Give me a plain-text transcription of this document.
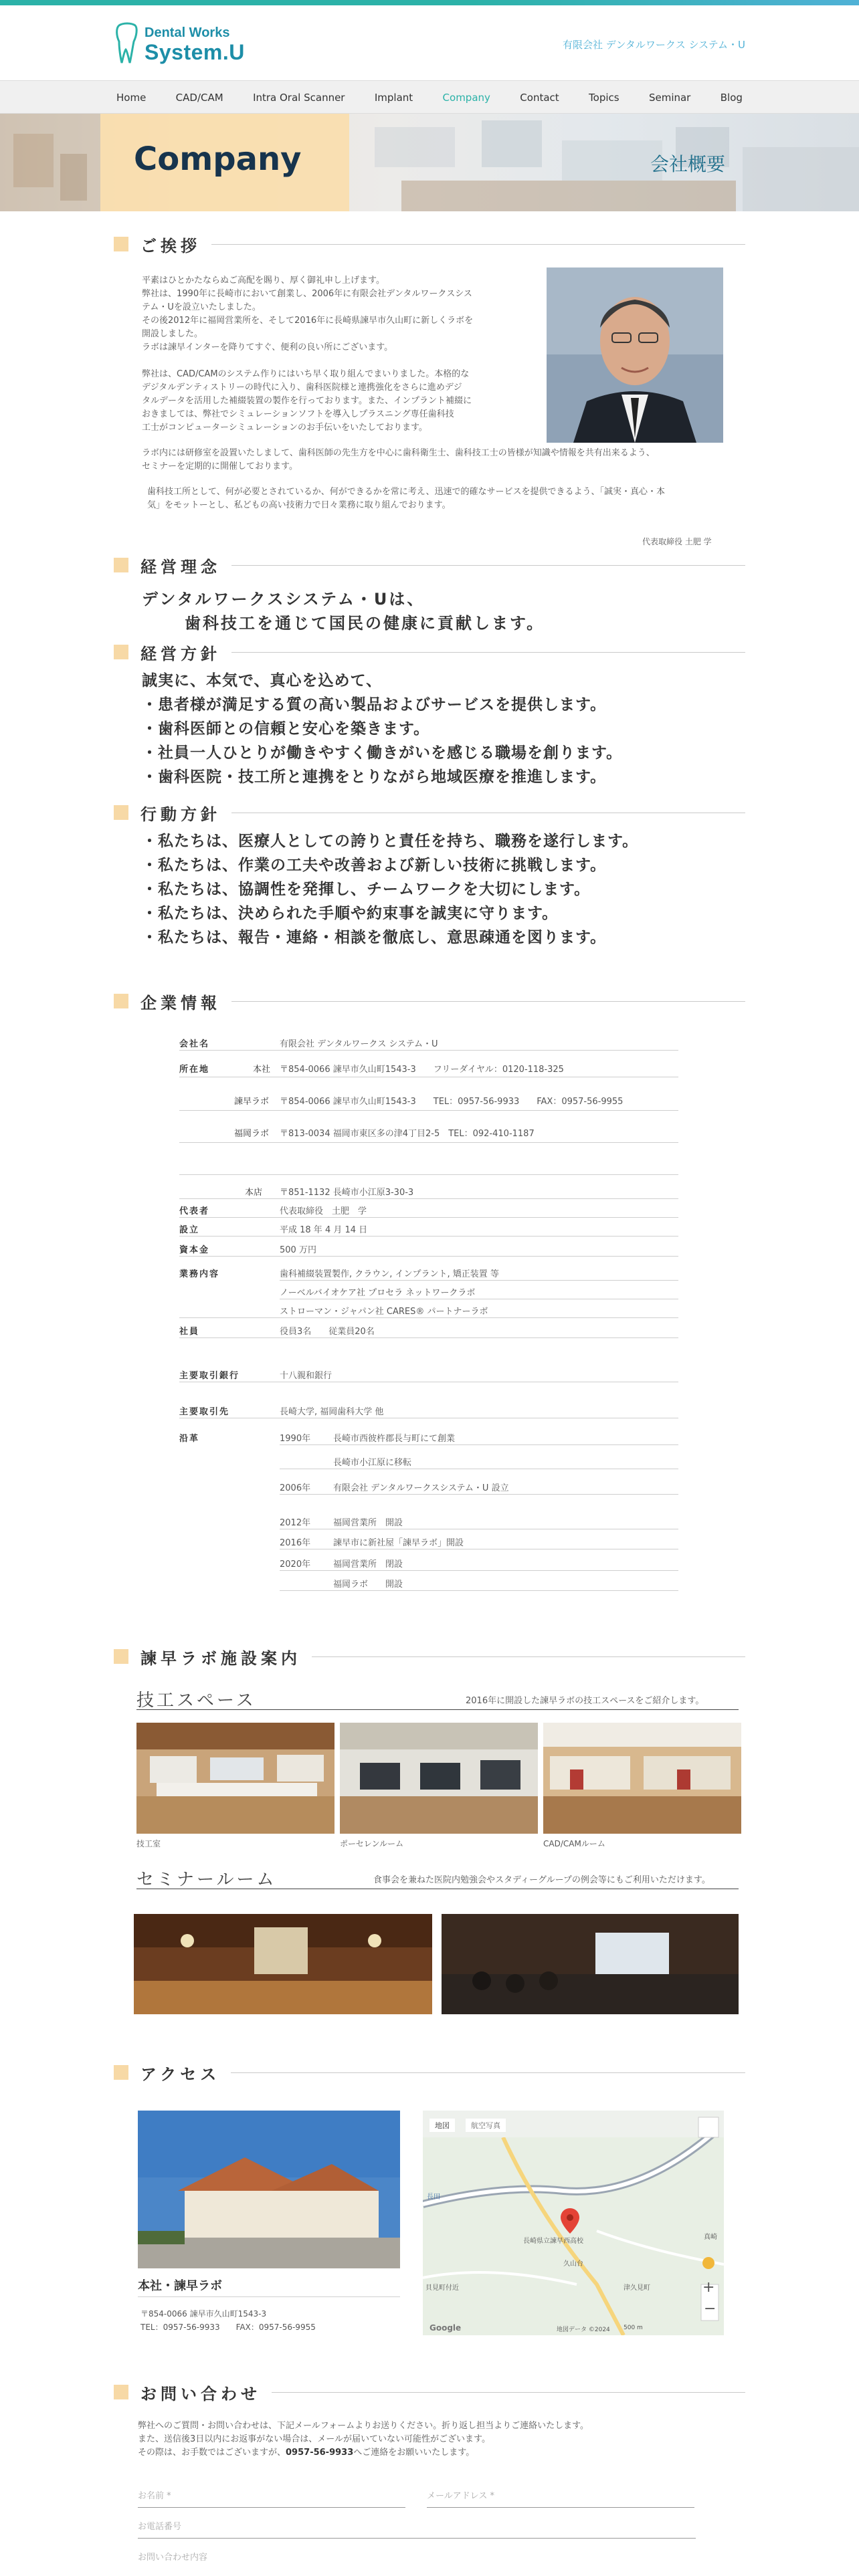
Dental Works
System.U	有限会社 デンタルワークス システム・U
Home	CAD/CAM	Intra Oral Scanner	Implant	Company	Contact	Topics	Seminar	Blog
Company	会社概要
ご挨拶
平素はひとかたならぬご高配を賜り、厚く御礼申し上げます。
弊社は、1990年に長崎市において創業し、2006年に有限会社デンタルワークスシス
テム・Uを設立いたしました。
その後2012年に福岡営業所を、そして2016年に長崎県諫早市久山町に新しくラボを
開設しました。
ラボは諫早インターを降りてすぐ、便利の良い所にございます。
弊社は、CAD/CAMのシステム作りにはいち早く取り組んでまいりました。本格的な
デジタルデンティストリーの時代に入り、歯科医院様と連携強化をさらに進めデジ
タルデータを活用した補綴装置の製作を行っております。また、インプラント補綴に
おきましては、弊社でシミュレーションソフトを導入しプラスニング専任歯科技
工士がコンピューターシミュレーションのお手伝いをいたしております。
ラボ内には研修室を設置いたしまして、歯科医師の先生方を中心に歯科衛生士、歯科技工士の皆様が知識や情報を共有出来るよう、
セミナーを定期的に開催しております。
歯科技工所として、何が必要とされているか、何ができるかを常に考え、迅速で的確なサービスを提供できるよう、「誠実・真心・本
気」をモットーとし、私どもの高い技術力で日々業務に取り組んでおります。
代表取締役 土肥 学
経営理念
デンタルワークスシステム・Uは、
歯科技工を通じて国民の健康に貢献します。
経営方針
誠実に、本気で、真心を込めて、
・患者様が満足する質の高い製品およびサービスを提供します。
・歯科医師との信頼と安心を築きます。
・社員一人ひとりが働きやすく働きがいを感じる職場を創ります。
・歯科医院・技工所と連携をとりながら地域医療を推進します。
行動方針
・私たちは、医療人としての誇りと責任を持ち、職務を遂行します。
・私たちは、作業の工夫や改善および新しい技術に挑戦します。
・私たちは、協調性を発揮し、チームワークを大切にします。
・私たちは、決められた手順や約束事を誠実に守ります。
・私たちは、報告・連絡・相談を徹底し、意思疎通を図ります。
企業情報
会社名	有限会社 デンタルワークス システム・U
所在地	本社 〒854-0066 諫早市久山町1543-3　　フリーダイヤル：0120-118-325
諫早ラボ 〒854-0066 諫早市久山町1543-3　　TEL：0957-56-9933　　FAX：0957-56-9955
福岡ラボ 〒813-0034 福岡市東区多の津4丁目2-5　TEL：092-410-1187
本店 〒851-1132 長崎市小江原3-30-3
代表者	代表取締役　土肥　学
設立	平成 18 年 4 月 14 日
資本金	500 万円
業務内容	歯科補綴装置製作, クラウン, インプラント, 矯正装置 等
ノーベルバイオケア社 プロセラ ネットワークラボ
ストローマン・ジャパン社 CARES® パートナーラボ
社員	役員3名　　従業員20名
主要取引銀行	十八親和銀行
主要取引先	長崎大学, 福岡歯科大学 他
沿革	1990年	長崎市西彼杵郡長与町にて創業
長崎市小江原に移転
2006年	有限会社 デンタルワークスシステム・U 設立
2012年	福岡営業所　開設
2016年	諫早市に新社屋「諫早ラボ」開設
2020年	福岡営業所　閉設
福岡ラボ　　開設
諫早ラボ施設案内
技工スペース	2016年に開設した諫早ラボの技工スペースをご紹介します。
技工室	ポーセレンルーム	CAD/CAMルーム
セミナールーム	食事会を兼ねた医院内勉強会やスタディーグループの例会等にもご利用いただけます。
アクセス
本社・諫早ラボ
〒854-0066 諫早市久山町1543-3
TEL：0957-56-9933　　FAX：0957-56-9955
地図	航空写真
長田
長崎県立諫早西高校
久山台
貝見町付近	津久見町
真崎
+
−
Google	地図データ ©2024 500 m
お問い合わせ
弊社へのご質問・お問い合わせは、下記メールフォームよりお送りください。折り返し担当よりご連絡いたします。
また、送信後3日以内にお返事がない場合は、メールが届いていない可能性がございます。
その際は、お手数ではございますが、0957-56-9933へご連絡をお願いいたします。
お名前 *
メールアドレス *
お電話番号
お問い合わせ内容
